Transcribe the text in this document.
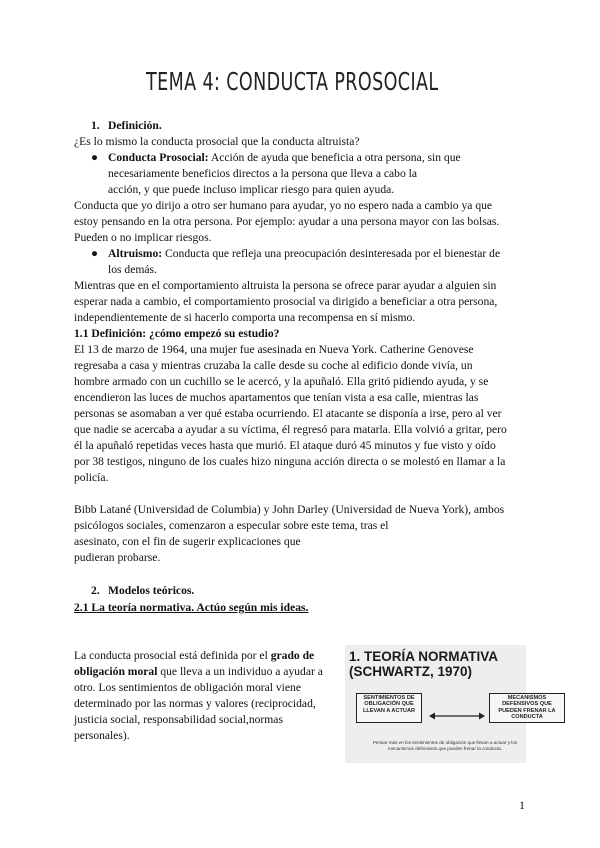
TEMA 4: CONDUCTA PROSOCIAL
1. Definición.
¿Es lo mismo la conducta prosocial que la conducta altruista?
● Conducta Prosocial: Acción de ayuda que beneficia a otra persona, sin que
necesariamente beneficios directos a la persona que lleva a cabo la
acción, y que puede incluso implicar riesgo para quien ayuda.
Conducta que yo dirijo a otro ser humano para ayudar, yo no espero nada a cambio ya que
estoy pensando en la otra persona. Por ejemplo: ayudar a una persona mayor con las bolsas.
Pueden o no implicar riesgos.
● Altruismo: Conducta que refleja una preocupación desinteresada por el bienestar de
los demás.
Mientras que en el comportamiento altruista la persona se ofrece parar ayudar a alguien sin
esperar nada a cambio, el comportamiento prosocial va dirigido a beneficiar a otra persona,
independientemente de si hacerlo comporta una recompensa en sí mismo.
1.1 Definición: ¿cómo empezó su estudio?
El 13 de marzo de 1964, una mujer fue asesinada en Nueva York. Catherine Genovese
regresaba a casa y mientras cruzaba la calle desde su coche al edificio donde vivía, un
hombre armado con un cuchillo se le acercó, y la apuñaló. Ella gritó pidiendo ayuda, y se
encendieron las luces de muchos apartamentos que tenían vista a esa calle, mientras las
personas se asomaban a ver qué estaba ocurriendo. El atacante se disponía a irse, pero al ver
que nadie se acercaba a ayudar a su víctima, él regresó para matarla. Ella volvió a gritar, pero
él la apuñaló repetidas veces hasta que murió. El ataque duró 45 minutos y fue visto y oído
por 38 testigos, ninguno de los cuales hizo ninguna acción directa o se molestó en llamar a la
policía.
Bibb Latané (Universidad de Columbia) y John Darley (Universidad de Nueva York), ambos
psicólogos sociales, comenzaron a especular sobre este tema, tras el
asesinato, con el fin de sugerir explicaciones que
pudieran probarse.
2. Modelos teóricos.
2.1 La teoría normativa. Actúo según mis ideas.
La conducta prosocial está definida por el grado de
obligación moral que lleva a un individuo a ayudar a
otro. Los sentimientos de obligación moral viene
determinado por las normas y valores (reciprocidad,
justicia social, responsabilidad social,normas
personales).
1. TEORÍA NORMATIVA
(SCHWARTZ, 1970)
SENTIMIENTOS DE OBLIGACIÓN QUE LLEVAN A ACTUAR
MECANISMOS DEFENSIVOS QUE PUEDEN FRENAR LA CONDUCTA
Pensar más en los sentimientos de obligación que llevan a actuar y los mecanismos defensivos que pueden frenar la conducta.
1
